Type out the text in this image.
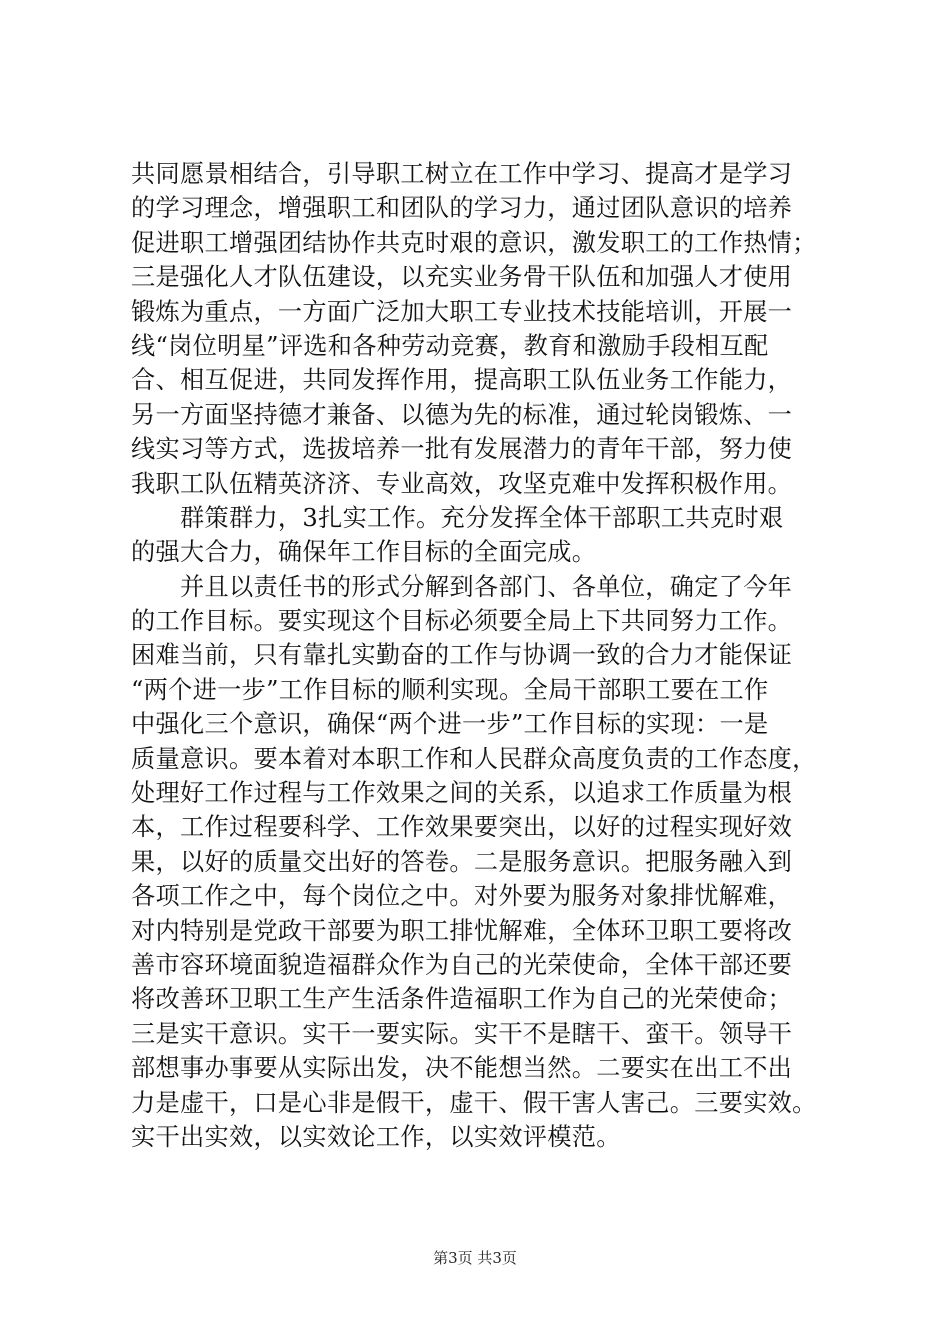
共同愿景相结合，引导职工树立在工作中学习、提高才是学习
的学习理念，增强职工和团队的学习力，通过团队意识的培养
促进职工增强团结协作共克时艰的意识，激发职工的工作热情；
三是强化人才队伍建设，以充实业务骨干队伍和加强人才使用
锻炼为重点，一方面广泛加大职工专业技术技能培训，开展一
线“岗位明星”评选和各种劳动竞赛，教育和激励手段相互配
合、相互促进，共同发挥作用，提高职工队伍业务工作能力，
另一方面坚持德才兼备、以德为先的标准，通过轮岗锻炼、一
线实习等方式，选拔培养一批有发展潜力的青年干部，努力使
我职工队伍精英济济、专业高效，攻坚克难中发挥积极作用。
　　群策群力，3扎实工作。充分发挥全体干部职工共克时艰
的强大合力，确保年工作目标的全面完成。
　　并且以责任书的形式分解到各部门、各单位，确定了今年
的工作目标。要实现这个目标必须要全局上下共同努力工作。
困难当前，只有靠扎实勤奋的工作与协调一致的合力才能保证
“两个进一步”工作目标的顺利实现。全局干部职工要在工作
中强化三个意识，确保“两个进一步”工作目标的实现：一是
质量意识。要本着对本职工作和人民群众高度负责的工作态度，
处理好工作过程与工作效果之间的关系，以追求工作质量为根
本，工作过程要科学、工作效果要突出，以好的过程实现好效
果，以好的质量交出好的答卷。二是服务意识。把服务融入到
各项工作之中，每个岗位之中。对外要为服务对象排忧解难，
对内特别是党政干部要为职工排忧解难，全体环卫职工要将改
善市容环境面貌造福群众作为自己的光荣使命，全体干部还要
将改善环卫职工生产生活条件造福职工作为自己的光荣使命；
三是实干意识。实干一要实际。实干不是瞎干、蛮干。领导干
部想事办事要从实际出发，决不能想当然。二要实在出工不出
力是虚干，口是心非是假干，虚干、假干害人害己。三要实效。
实干出实效，以实效论工作，以实效评模范。
第3页 共3页
